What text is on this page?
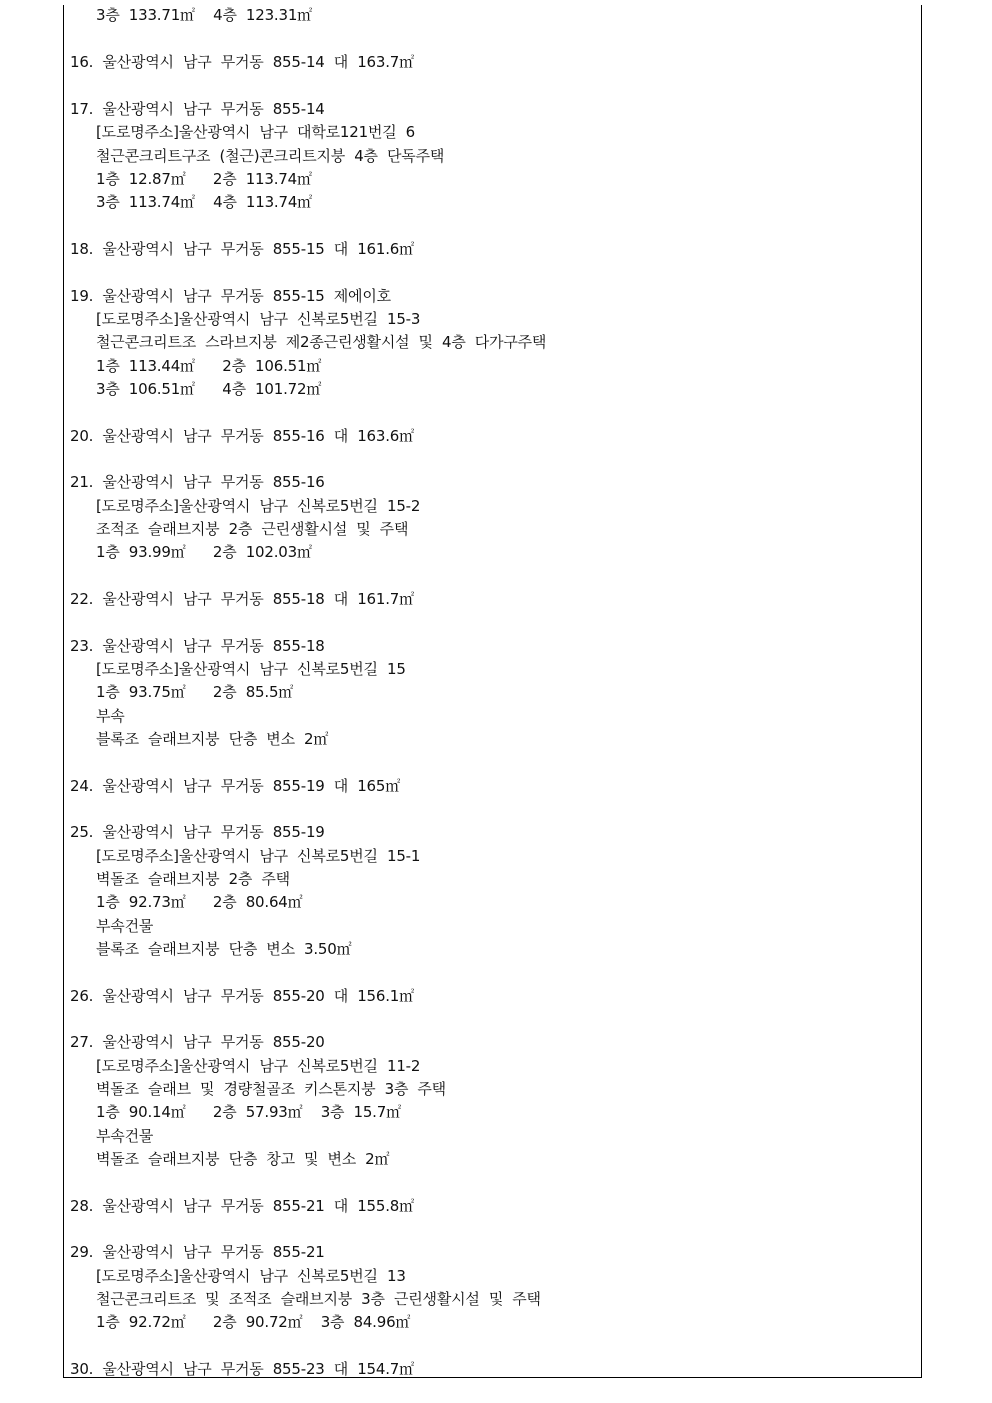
3층  133.71㎡    4층  123.31㎡
16.  울산광역시  남구  무거동  855-14  대  163.7㎡
17.  울산광역시  남구  무거동  855-14
[도로명주소]울산광역시  남구  대학로121번길  6
철근콘크리트구조  (철근)콘크리트지붕  4층  단독주택
1층  12.87㎡      2층  113.74㎡
3층  113.74㎡    4층  113.74㎡
18.  울산광역시  남구  무거동  855-15  대  161.6㎡
19.  울산광역시  남구  무거동  855-15  제에이호
[도로명주소]울산광역시  남구  신복로5번길  15-3
철근콘크리트조  스라브지붕  제2종근린생활시설  및  4층  다가구주택
1층  113.44㎡      2층  106.51㎡
3층  106.51㎡      4층  101.72㎡
20.  울산광역시  남구  무거동  855-16  대  163.6㎡
21.  울산광역시  남구  무거동  855-16
[도로명주소]울산광역시  남구  신복로5번길  15-2
조적조  슬래브지붕  2층  근린생활시설  및  주택
1층  93.99㎡      2층  102.03㎡
22.  울산광역시  남구  무거동  855-18  대  161.7㎡
23.  울산광역시  남구  무거동  855-18
[도로명주소]울산광역시  남구  신복로5번길  15
1층  93.75㎡      2층  85.5㎡
부속
블록조  슬래브지붕  단층  변소  2㎡
24.  울산광역시  남구  무거동  855-19  대  165㎡
25.  울산광역시  남구  무거동  855-19
[도로명주소]울산광역시  남구  신복로5번길  15-1
벽돌조  슬래브지붕  2층  주택
1층  92.73㎡      2층  80.64㎡
부속건물
블록조  슬래브지붕  단층  변소  3.50㎡
26.  울산광역시  남구  무거동  855-20  대  156.1㎡
27.  울산광역시  남구  무거동  855-20
[도로명주소]울산광역시  남구  신복로5번길  11-2
벽돌조  슬래브  및  경량철골조  키스톤지붕  3층  주택
1층  90.14㎡      2층  57.93㎡    3층  15.7㎡
부속건물
벽돌조  슬래브지붕  단층  창고  및  변소  2㎡
28.  울산광역시  남구  무거동  855-21  대  155.8㎡
29.  울산광역시  남구  무거동  855-21
[도로명주소]울산광역시  남구  신복로5번길  13
철근콘크리트조  및  조적조  슬래브지붕  3층  근린생활시설  및  주택
1층  92.72㎡      2층  90.72㎡    3층  84.96㎡
30.  울산광역시  남구  무거동  855-23  대  154.7㎡
